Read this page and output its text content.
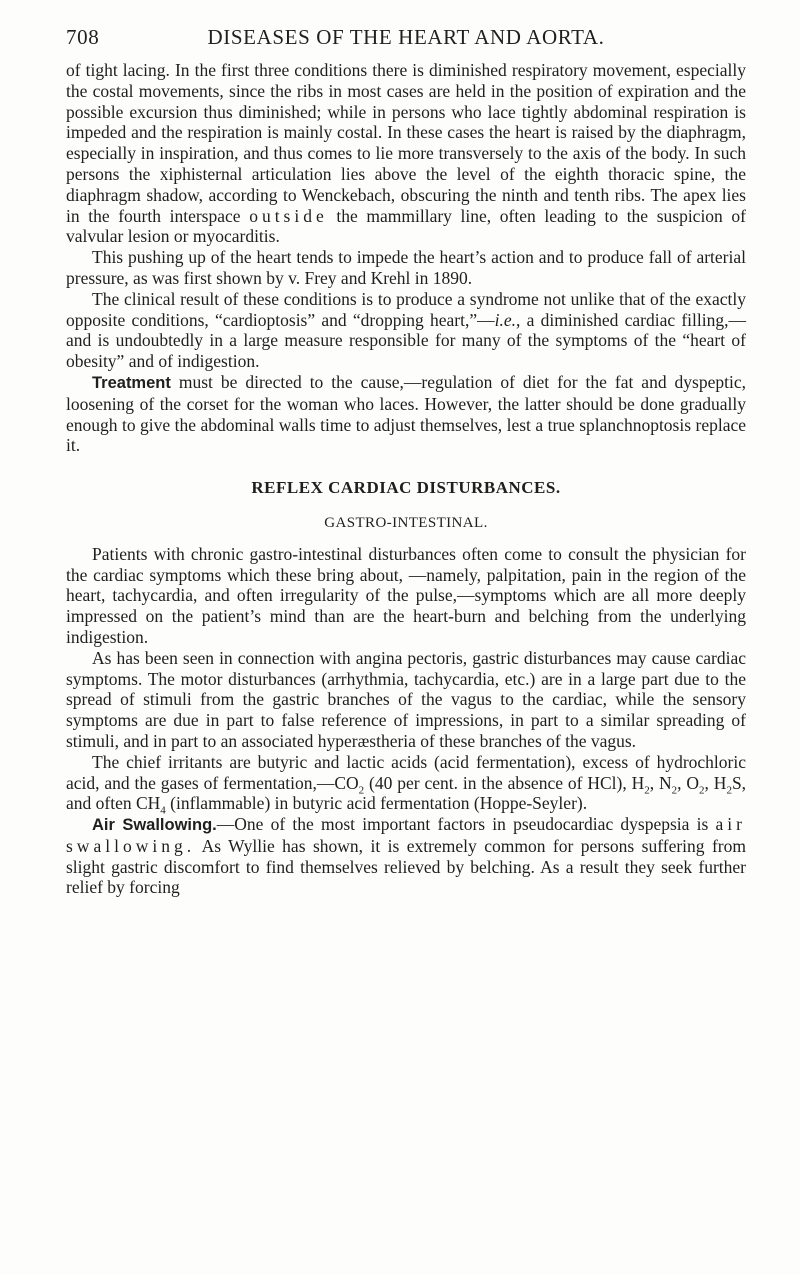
708	DISEASES OF THE HEART AND AORTA.

of tight lacing. In the first three conditions there is diminished respiratory movement, especially the costal movements, since the ribs in most cases are held in the position of expiration and the possible excursion thus diminished; while in persons who lace tightly abdominal respiration is impeded and the respiration is mainly costal. In these cases the heart is raised by the diaphragm, especially in inspiration, and thus comes to lie more transversely to the axis of the body. In such persons the xiphisternal articulation lies above the level of the eighth thoracic spine, the diaphragm shadow, according to Wenckebach, obscuring the ninth and tenth ribs. The apex lies in the fourth interspace outside the mammillary line, often leading to the suspicion of valvular lesion or myocarditis.

This pushing up of the heart tends to impede the heart’s action and to produce fall of arterial pressure, as was first shown by v. Frey and Krehl in 1890.

The clinical result of these conditions is to produce a syndrome not unlike that of the exactly opposite conditions, “cardioptosis” and “dropping heart,”—i.e., a diminished cardiac filling,—and is undoubtedly in a large measure responsible for many of the symptoms of the “heart of obesity” and of indigestion.

Treatment must be directed to the cause,—regulation of diet for the fat and dyspeptic, loosening of the corset for the woman who laces. However, the latter should be done gradually enough to give the abdominal walls time to adjust themselves, lest a true splanchnoptosis replace it.

REFLEX CARDIAC DISTURBANCES.
GASTRO-INTESTINAL.

Patients with chronic gastro-intestinal disturbances often come to consult the physician for the cardiac symptoms which these bring about, —namely, palpitation, pain in the region of the heart, tachycardia, and often irregularity of the pulse,—symptoms which are all more deeply impressed on the patient’s mind than are the heart-burn and belching from the underlying indigestion.

As has been seen in connection with angina pectoris, gastric disturbances may cause cardiac symptoms. The motor disturbances (arrhythmia, tachycardia, etc.) are in a large part due to the spread of stimuli from the gastric branches of the vagus to the cardiac, while the sensory symptoms are due in part to false reference of impressions, in part to a similar spreading of stimuli, and in part to an associated hyperæstheria of these branches of the vagus.

The chief irritants are butyric and lactic acids (acid fermentation), excess of hydrochloric acid, and the gases of $fermentation,—CO_2$ (40 per cent. in the absence of HCl), $H_2$, $N_2$, $O_2$, $H_2S$, and often $CH_4$ (inflammable) in butyric acid fermentation (Hoppe-Seyler).

Air Swallowing.—One of the most important factors in pseudocardiac dyspepsia is air swallowing. As Wyllie has shown, it is extremely common for persons suffering from slight gastric discomfort to find themselves relieved by belching. As a result they seek further relief by forcing
